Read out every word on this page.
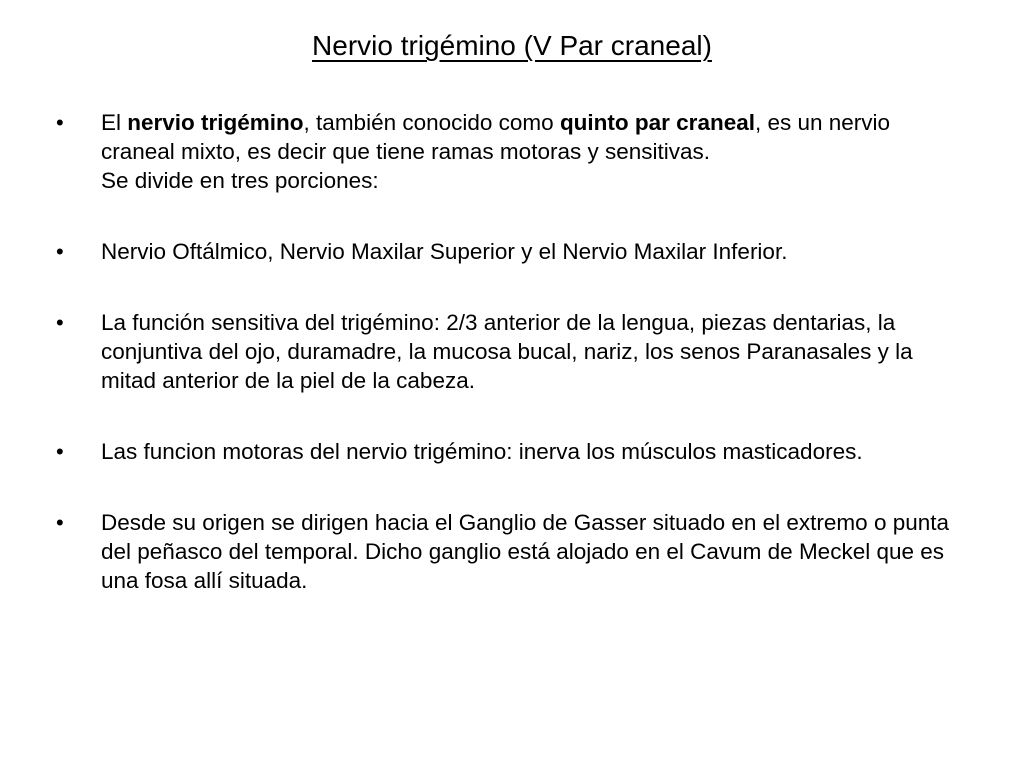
Nervio trigémino (V Par craneal)
•	El nervio trigémino, también conocido como quinto par craneal, es un nervio craneal mixto, es decir que tiene ramas motoras y sensitivas.
Se divide en tres porciones:
•	Nervio Oftálmico, Nervio Maxilar Superior y el Nervio Maxilar Inferior.
•	La función sensitiva del trigémino: 2/3 anterior de la lengua, piezas dentarias, la conjuntiva del ojo, duramadre, la mucosa bucal, nariz, los senos Paranasales y la mitad anterior de la piel de la cabeza.
•	Las funcion motoras del nervio trigémino: inerva los músculos masticadores.
•	Desde su origen se dirigen hacia el Ganglio de Gasser situado en el extremo o punta del peñasco del temporal. Dicho ganglio está alojado en el Cavum de Meckel que es una fosa allí situada.
